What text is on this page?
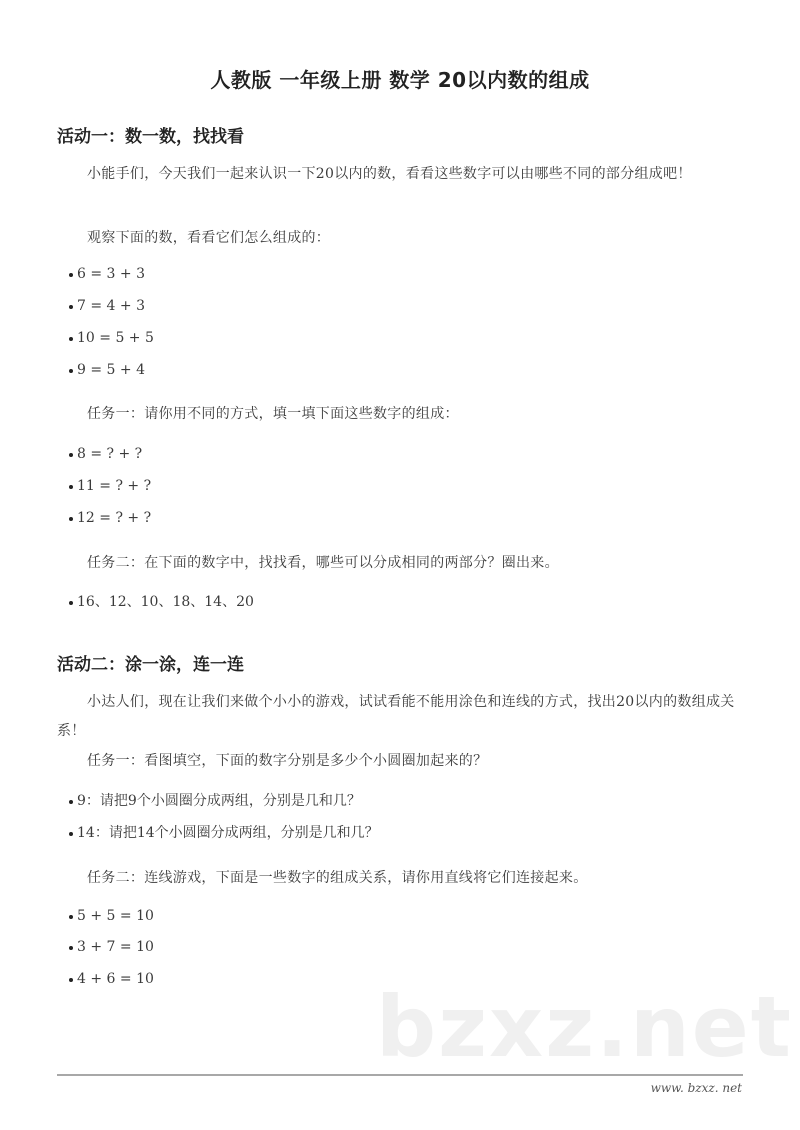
人教版 一年级上册 数学 20以内数的组成
活动一：数一数，找找看
小能手们，今天我们一起来认识一下20以内的数，看看这些数字可以由哪些不同的部分组成吧！
观察下面的数，看看它们怎么组成的：
6 = 3 + 3
7 = 4 + 3
10 = 5 + 5
9 = 5 + 4
任务一：请你用不同的方式，填一填下面这些数字的组成：
8 = ? + ?
11 = ? + ?
12 = ? + ?
任务二：在下面的数字中，找找看，哪些可以分成相同的两部分？圈出来。
16、12、10、18、14、20
活动二：涂一涂，连一连
小达人们，现在让我们来做个小小的游戏，试试看能不能用涂色和连线的方式，找出20以内的数组成关系！
任务一：看图填空，下面的数字分别是多少个小圆圈加起来的？
9：请把9个小圆圈分成两组，分别是几和几？
14：请把14个小圆圈分成两组，分别是几和几？
任务二：连线游戏，下面是一些数字的组成关系，请你用直线将它们连接起来。
5 + 5 = 10
3 + 7 = 10
4 + 6 = 10	bzxz.net
www. bzxz. net
